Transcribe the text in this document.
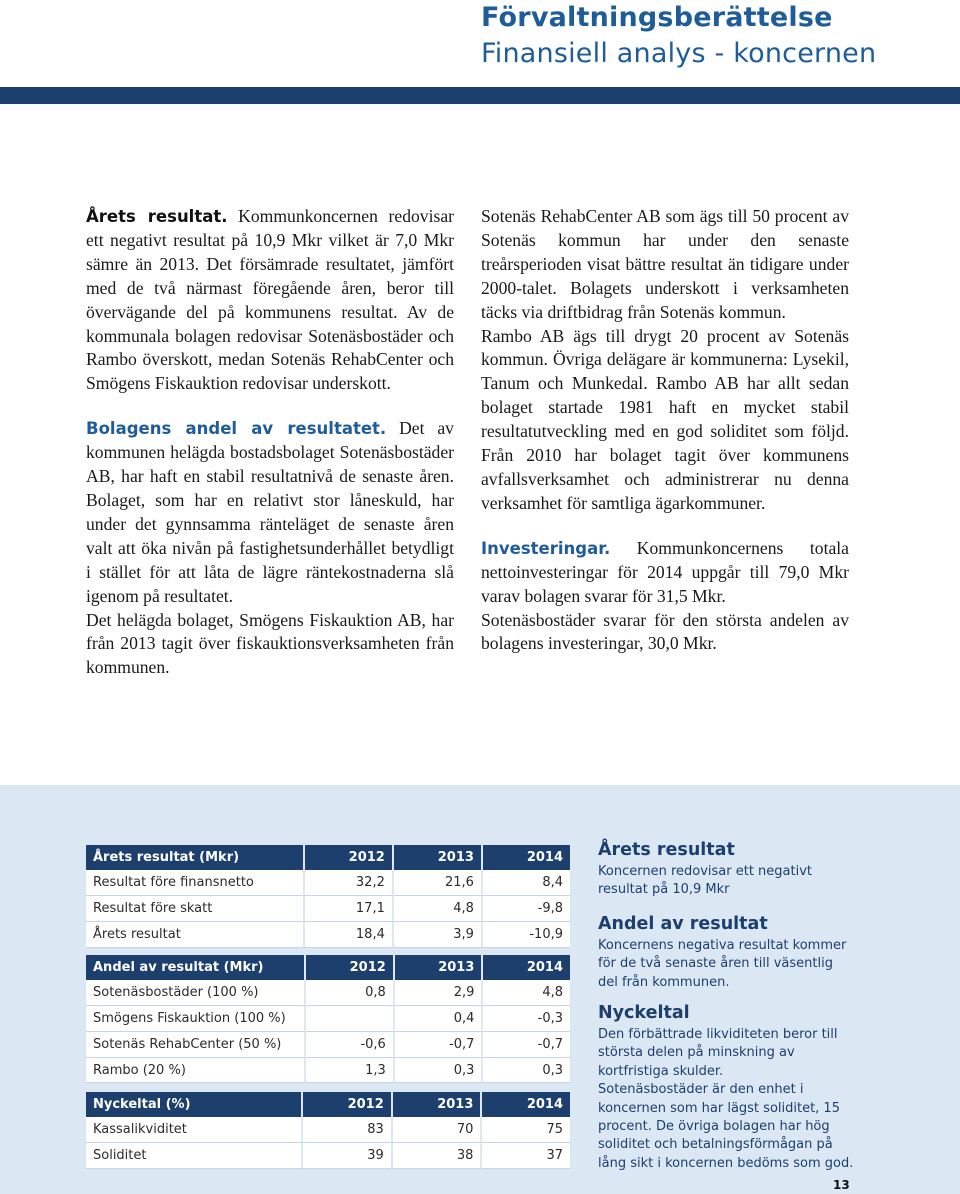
Förvaltningsberättelse
Finansiell analys - koncernen

Årets resultat. Kommunkoncernen redovisar ett negativt resultat på 10,9 Mkr vilket är 7,0 Mkr sämre än 2013. Det försämrade resultatet, jämfört med de två närmast föregående åren, beror till övervägande del på kommunens resultat. Av de kommunala bolagen redovisar Sotenäsbostäder och Rambo överskott, medan Sotenäs RehabCenter och Smögens Fiskauktion redovisar underskott.

Bolagens andel av resultatet. Det av kommunen helägda bostadsbolaget Sotenäsbostäder AB, har haft en stabil resultatnivå de senaste åren. Bolaget, som har en relativt stor låneskuld, har under det gynnsamma ränteläget de senaste åren valt att öka nivån på fastighetsunderhållet betydligt i stället för att låta de lägre räntekostnaderna slå igenom på resultatet.

Det helägda bolaget, Smögens Fiskauktion AB, har från 2013 tagit över fiskauktionsverksamheten från kommunen.

Sotenäs RehabCenter AB som ägs till 50 procent av Sotenäs kommun har under den senaste treårsperioden visat bättre resultat än tidigare under 2000-talet. Bolagets underskott i verksamheten täcks via driftbidrag från Sotenäs kommun.

Rambo AB ägs till drygt 20 procent av Sotenäs kommun. Övriga delägare är kommunerna: Lysekil, Tanum och Munkedal. Rambo AB har allt sedan bolaget startade 1981 haft en mycket stabil resultatutveckling med en god soliditet som följd. Från 2010 har bolaget tagit över kommunens avfallsverksamhet och administrerar nu denna verksamhet för samtliga ägarkommuner.

Investeringar. Kommunkoncernens totala nettoinvesteringar för 2014 uppgår till 79,0 Mkr varav bolagen svarar för 31,5 Mkr.

Sotenäsbostäder svarar för den största andelen av bolagens investeringar, 30,0 Mkr.

Årets resultat (Mkr)	2012	2013	2014
Resultat före finansnetto	32,2	21,6	8,4
Resultat före skatt	17,1	4,8	-9,8
Årets resultat	18,4	3,9	-10,9
Andel av resultat (Mkr)	2012	2013	2014
Sotenäsbostäder (100 %)	0,8	2,9	4,8
Smögens Fiskauktion (100 %)		0,4	-0,3
Sotenäs RehabCenter (50 %)	-0,6	-0,7	-0,7
Rambo (20 %)	1,3	0,3	0,3
Nyckeltal (%)	2012	2013	2014
Kassalikviditet	83	70	75
Soliditet	39	38	37
Årets resultat

Koncernen redovisar ett negativt resultat på 10,9 Mkr

Andel av resultat

Koncernens negativa resultat kommer för de två senaste åren till väsentlig del från kommunen.

Nyckeltal

Den förbättrade likviditeten beror till största delen på minskning av kortfristiga skulder.

Sotenäsbostäder är den enhet i koncernen som har lägst soliditet, 15 procent. De övriga bolagen har hög soliditet och betalningsförmågan på lång sikt i koncernen bedöms som god.

13
